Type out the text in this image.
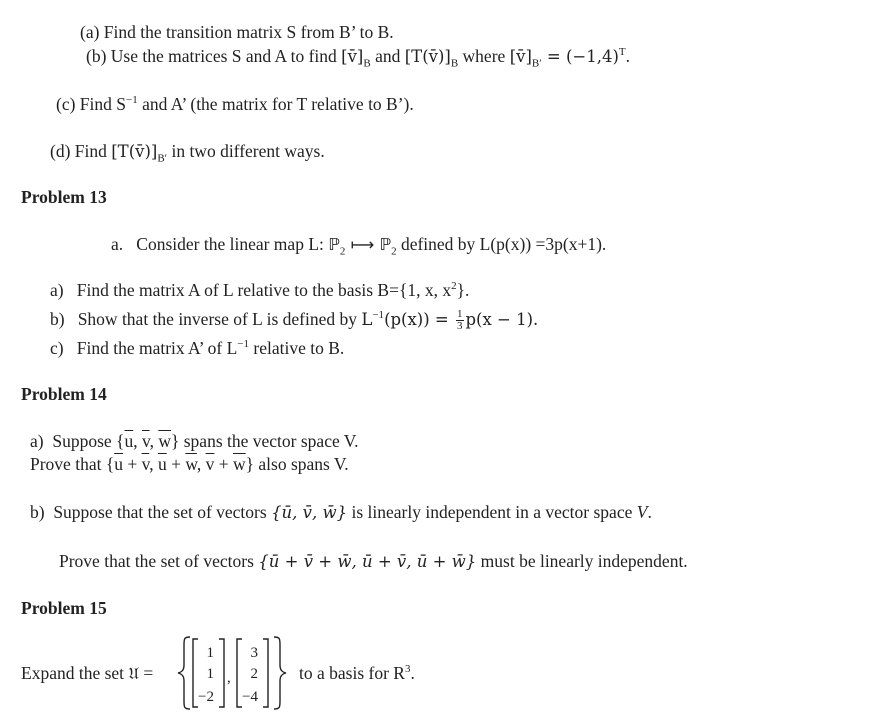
(a) Find the transition matrix S from B’ to B.
(b) Use the matrices S and A to find $[v̄]_B$ and $[T(v̄)]_B$ where $[v̄]_{B'} = (-1,4)^T$.
(c) Find $S^{-1}$ and A’ (the matrix for T relative to B’).
(d) Find $[T(v̄)]_{B'}$ in two different ways.
Problem 13
a. Consider the linear map L: ℙ$_2$ ⟼ ℙ$_2$ defined by L(p(x)) =3p(x+1).
a) Find the matrix A of L relative to the basis B={1, x, $x^2$}.
b) Show that the inverse of L is defined by $L^{-1}(p(x)) = \frac{1}{3} p(x - 1)$.
c) Find the matrix A’ of $L^{-1}$ relative to B.
Problem 14
a) Suppose {$\overline{u}$, $\overline{v}$, $\overline{w}$} spans the vector space V.
Prove that {$\overline{u} + \overline{v}$, $\overline{u} + \overline{w}$, $\overline{v} + \overline{w}$} also spans V.
b) Suppose that the set of vectors {ū, v̄, w̄} is linearly independent in a vector space V.
Prove that the set of vectors {ū + v̄ + w̄, ū + v̄, ū + w̄} must be linearly independent.
Problem 15
Expand the set 𝔘 =
1
1
−2
,
3
2
−4
to a basis for $R^3$.
